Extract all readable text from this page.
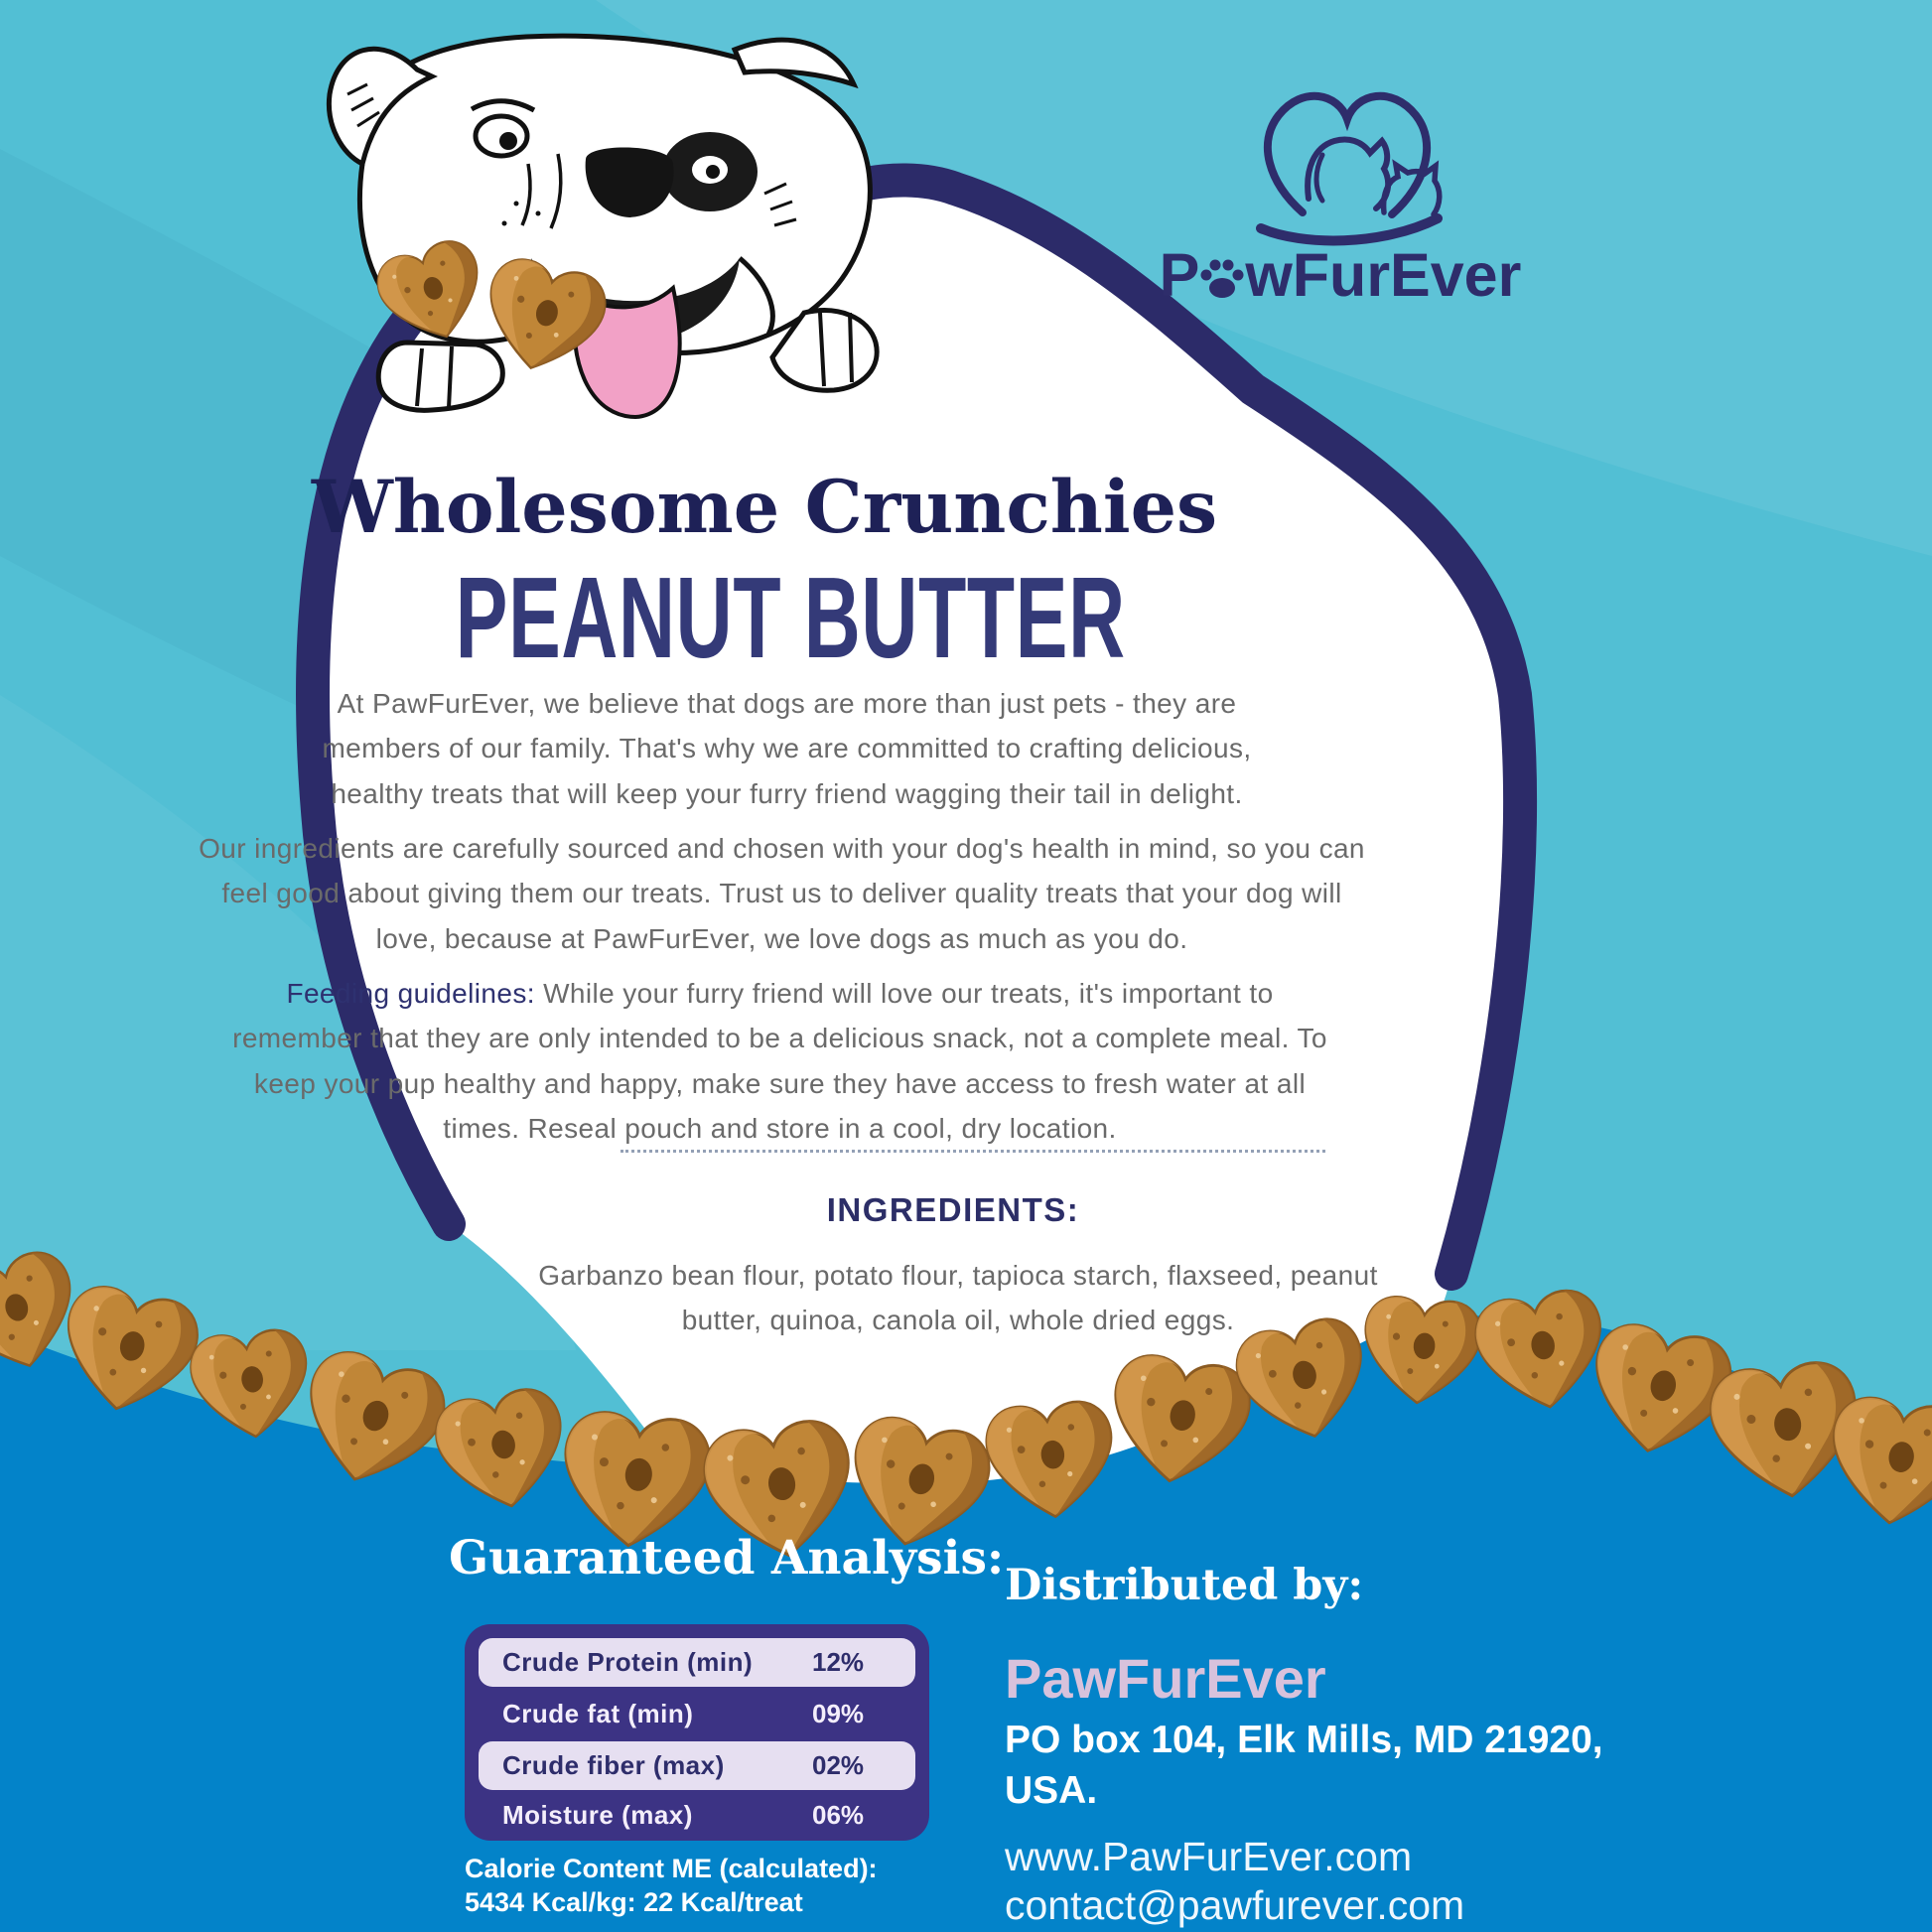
P wFurEver
Wholesome Crunchies
PEANUT BUTTER

At PawFurEver, we believe that dogs are more than just pets - they are members of our family. That's why we are committed to crafting delicious, healthy treats that will keep your furry friend wagging their tail in delight.

Our ingredients are carefully sourced and chosen with your dog's health in mind, so you can feel good about giving them our treats. Trust us to deliver quality treats that your dog will love, because at PawFurEver, we love dogs as much as you do.

Feeding guidelines: While your furry friend will love our treats, it's important to remember that they are only intended to be a delicious snack, not a complete meal. To keep your pup healthy and happy, make sure they have access to fresh water at all times. Reseal pouch and store in a cool, dry location.

INGREDIENTS:

Garbanzo bean flour, potato flour, tapioca starch, flaxseed, peanut butter, quinoa, canola oil, whole dried eggs.

Guaranteed Analysis:
Crude Protein (min) 12%
Crude fat (min)	09%
Crude fiber (max)	02%
Moisture (max)	06%
Calorie Content ME (calculated):
5434 Kcal/kg: 22 Kcal/treat
Distributed by:
PawFurEver
PO box 104, Elk Mills, MD 21920,
USA.
www.PawFurEver.com
contact@pawfurever.com
